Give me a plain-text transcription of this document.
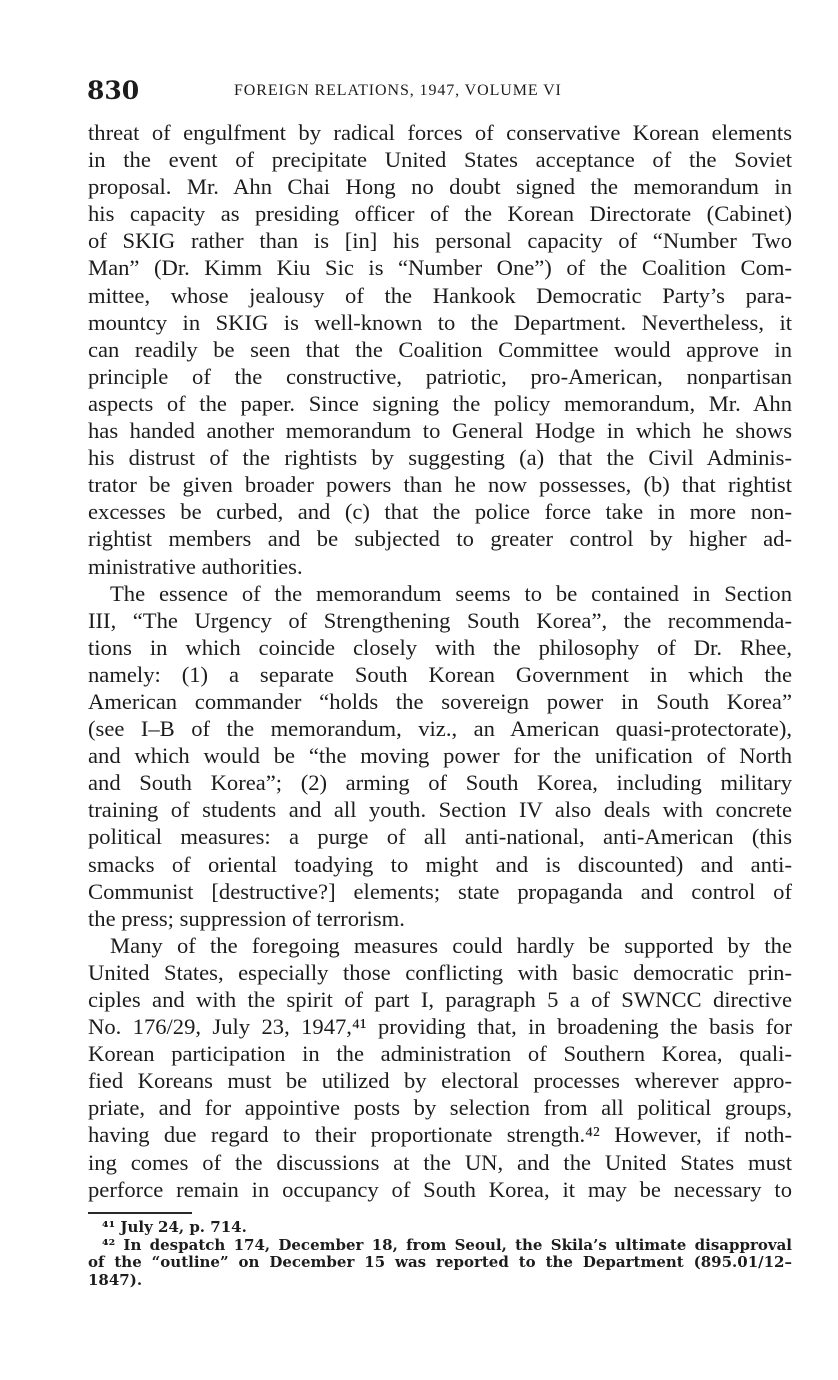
830	FOREIGN RELATIONS, 1947, VOLUME VI
threat of engulfment by radical forces of conservative Korean elements
in the event of precipitate United States acceptance of the Soviet
proposal. Mr. Ahn Chai Hong no doubt signed the memorandum in
his capacity as presiding officer of the Korean Directorate (Cabinet)
of SKIG rather than is [in] his personal capacity of “Number Two
Man” (Dr. Kimm Kiu Sic is “Number One”) of the Coalition Com-
mittee, whose jealousy of the Hankook Democratic Party’s para-
mountcy in SKIG is well-known to the Department. Nevertheless, it
can readily be seen that the Coalition Committee would approve in
principle of the constructive, patriotic, pro-American, nonpartisan
aspects of the paper. Since signing the policy memorandum, Mr. Ahn
has handed another memorandum to General Hodge in which he shows
his distrust of the rightists by suggesting (a) that the Civil Adminis-
trator be given broader powers than he now possesses, (b) that rightist
excesses be curbed, and (c) that the police force take in more non-
rightist members and be subjected to greater control by higher ad-
ministrative authorities.
The essence of the memorandum seems to be contained in Section
III, “The Urgency of Strengthening South Korea”, the recommenda-
tions in which coincide closely with the philosophy of Dr. Rhee,
namely: (1) a separate South Korean Government in which the
American commander “holds the sovereign power in South Korea”
(see I–B of the memorandum, viz., an American quasi-protectorate),
and which would be “the moving power for the unification of North
and South Korea”; (2) arming of South Korea, including military
training of students and all youth. Section IV also deals with concrete
political measures: a purge of all anti-national, anti-American (this
smacks of oriental toadying to might and is discounted) and anti-
Communist [destructive?] elements; state propaganda and control of
the press; suppression of terrorism.
Many of the foregoing measures could hardly be supported by the
United States, especially those conflicting with basic democratic prin-
ciples and with the spirit of part I, paragraph 5 a of SWNCC directive
No. 176/29, July 23, 1947,⁴¹ providing that, in broadening the basis for
Korean participation in the administration of Southern Korea, quali-
fied Koreans must be utilized by electoral processes wherever appro-
priate, and for appointive posts by selection from all political groups,
having due regard to their proportionate strength.⁴² However, if noth-
ing comes of the discussions at the UN, and the United States must
perforce remain in occupancy of South Korea, it may be necessary to
⁴¹ July 24, p. 714.
⁴² In despatch 174, December 18, from Seoul, the Skila’s ultimate disapproval
of the “outline” on December 15 was reported to the Department (895.01/12–
1847).
